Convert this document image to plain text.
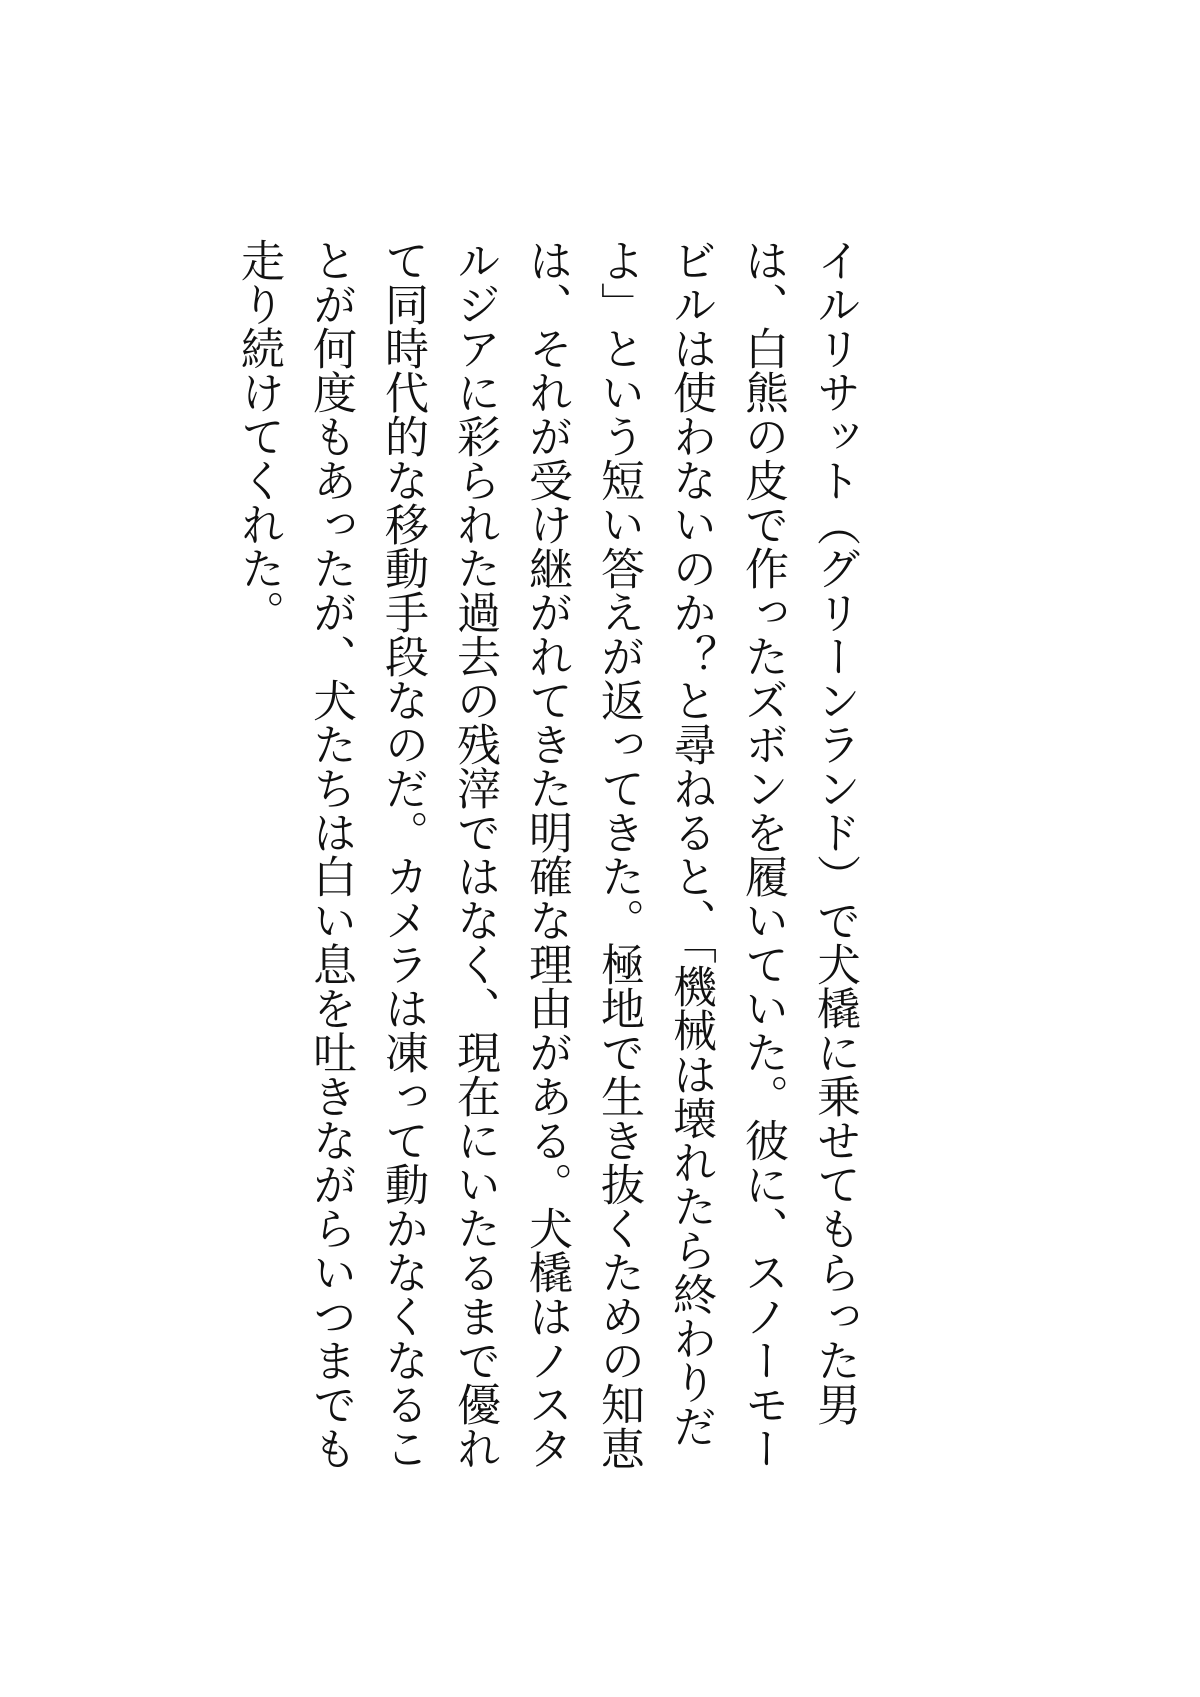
イルリサット（グリーンランド）で犬橇に乗せてもらった男は、白熊の皮で作ったズボンを履いていた。彼に、スノーモービルは使わないのか？と尋ねると、「機械は壊れたら終わりだよ」という短い答えが返ってきた。極地で生き抜くための知恵は、それが受け継がれてきた明確な理由がある。犬橇はノスタルジアに彩られた過去の残滓ではなく、現在にいたるまで優れて同時代的な移動手段なのだ。カメラは凍って動かなくなることが何度もあったが、犬たちは白い息を吐きながらいつまでも走り続けてくれた。
